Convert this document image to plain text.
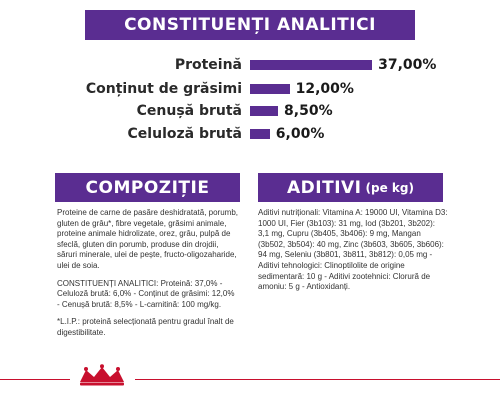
CONSTITUENȚI ANALITICI
Proteină	37,00%
Conținut de grăsimi	12,00%
Cenușă brută	8,50%
Celuloză brută 6,00%
COMPOZIȚIE	ADITIVI (pe kg)

Proteine de carne de pasăre deshidratată, porumb, gluten de grâu*, fibre vegetale, grăsimi animale, proteine animale hidrolizate, orez, grâu, pulpă de sfeclă, gluten din porumb, produse din drojdii, săruri minerale, ulei de pește, fructo-oligozaharide, ulei de soia.

CONSTITUENȚI ANALITICI: Proteină: 37,0% - Celuloză brută: 6,0% - Conținut de grăsimi: 12,0% - Cenușă brută: 8,5% - L-carnitină: 100 mg/kg.

*L.I.P.: proteină selecționată pentru gradul înalt de digestibilitate.

Aditivi nutriționali: Vitamina A: 19000 UI, Vitamina D3: 1000 UI, Fier (3b103): 31 mg, Iod (3b201, 3b202): 3,1 mg, Cupru (3b405, 3b406): 9 mg, Mangan (3b502, 3b504): 40 mg, Zinc (3b603, 3b605, 3b606): 94 mg, Seleniu (3b801, 3b811, 3b812): 0,05 mg - Aditivi tehnologici: Clinoptilolite de origine sedimentară: 10 g - Aditivi zootehnici: Clorură de amoniu: 5 g - Antioxidanți.
